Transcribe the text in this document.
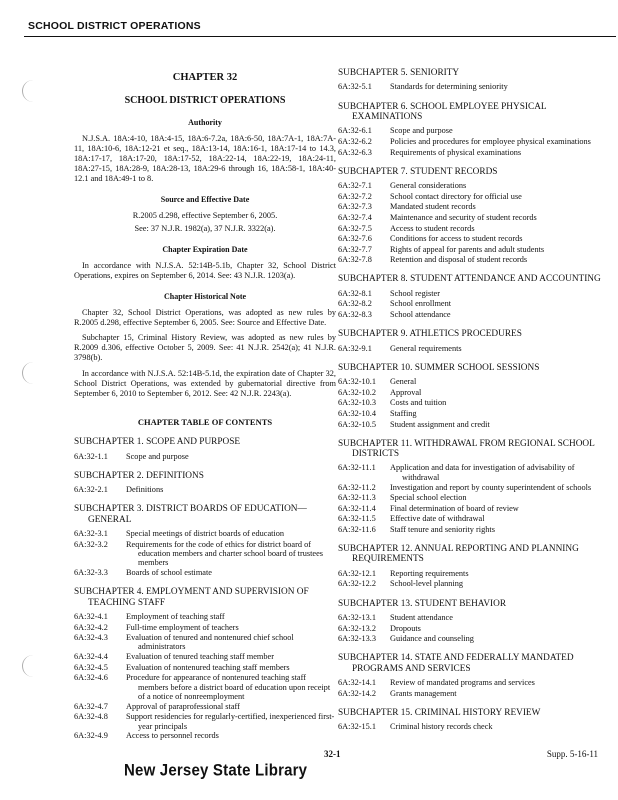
SCHOOL DISTRICT OPERATIONS
CHAPTER 32
SCHOOL DISTRICT OPERATIONS
Authority

N.J.S.A. 18A:4-10, 18A:4-15, 18A:6-7.2a, 18A:6-50, 18A:7A-1, 18A:7A-11, 18A:10-6, 18A:12-21 et seq., 18A:13-14, 18A:16-1, 18A:17-14 to 14.3, 18A:17-17, 18A:17-20, 18A:17-52, 18A:22-14, 18A:22-19, 18A:24-11, 18A:27-15, 18A:28-9, 18A:28-13, 18A:29-6 through 16, 18A:58-1, 18A:40-12.1 and 18A:49-1 to 8.

Source and Effective Date

R.2005 d.298, effective September 6, 2005.

See: 37 N.J.R. 1982(a), 37 N.J.R. 3322(a).

Chapter Expiration Date

In accordance with N.J.S.A. 52:14B-5.1b, Chapter 32, School District Operations, expires on September 6, 2014. See: 43 N.J.R. 1203(a).

Chapter Historical Note

Chapter 32, School District Operations, was adopted as new rules by R.2005 d.298, effective September 6, 2005. See: Source and Effective Date.

Subchapter 15, Criminal History Review, was adopted as new rules by R.2009 d.306, effective October 5, 2009. See: 41 N.J.R. 2542(a); 41 N.J.R. 3798(b).

In accordance with N.J.S.A. 52:14B-5.1d, the expiration date of Chapter 32, School District Operations, was extended by gubernatorial directive from September 6, 2010 to September 6, 2012. See: 42 N.J.R. 2243(a).

CHAPTER TABLE OF CONTENTS
SUBCHAPTER 1. SCOPE AND PURPOSE
6A:32-1.1	Scope and purpose
SUBCHAPTER 2. DEFINITIONS
6A:32-2.1	Definitions
SUBCHAPTER 3. DISTRICT BOARDS OF EDUCATION— GENERAL
6A:32-3.1	Special meetings of district boards of education
6A:32-3.2	Requirements for the code of ethics for district board of education members and charter school board of trustees members
6A:32-3.3	Boards of school estimate
SUBCHAPTER 4. EMPLOYMENT AND SUPERVISION OF TEACHING STAFF
6A:32-4.1	Employment of teaching staff
6A:32-4.2	Full-time employment of teachers
6A:32-4.3	Evaluation of tenured and nontenured chief school administrators
6A:32-4.4	Evaluation of tenured teaching staff member
6A:32-4.5	Evaluation of nontenured teaching staff members
6A:32-4.6	Procedure for appearance of nontenured teaching staff members before a district board of education upon receipt of a notice of nonreemployment
6A:32-4.7	Approval of paraprofessional staff
6A:32-4.8	Support residencies for regularly-certified, inexperienced first-year principals
6A:32-4.9	Access to personnel records
SUBCHAPTER 5. SENIORITY
6A:32-5.1	Standards for determining seniority
SUBCHAPTER 6. SCHOOL EMPLOYEE PHYSICAL EXAMINATIONS
6A:32-6.1	Scope and purpose
6A:32-6.2	Policies and procedures for employee physical examinations
6A:32-6.3	Requirements of physical examinations
SUBCHAPTER 7. STUDENT RECORDS
6A:32-7.1	General considerations
6A:32-7.2	School contact directory for official use
6A:32-7.3	Mandated student records
6A:32-7.4	Maintenance and security of student records
6A:32-7.5	Access to student records
6A:32-7.6	Conditions for access to student records
6A:32-7.7	Rights of appeal for parents and adult students
6A:32-7.8	Retention and disposal of student records
SUBCHAPTER 8. STUDENT ATTENDANCE AND ACCOUNTING
6A:32-8.1	School register
6A:32-8.2	School enrollment
6A:32-8.3	School attendance
SUBCHAPTER 9. ATHLETICS PROCEDURES
6A:32-9.1	General requirements
SUBCHAPTER 10. SUMMER SCHOOL SESSIONS
6A:32-10.1	General
6A:32-10.2	Approval
6A:32-10.3	Costs and tuition
6A:32-10.4	Staffing
6A:32-10.5	Student assignment and credit
SUBCHAPTER 11. WITHDRAWAL FROM REGIONAL SCHOOL DISTRICTS
6A:32-11.1	Application and data for investigation of advisability of withdrawal
6A:32-11.2	Investigation and report by county superintendent of schools
6A:32-11.3	Special school election
6A:32-11.4	Final determination of board of review
6A:32-11.5	Effective date of withdrawal
6A:32-11.6	Staff tenure and seniority rights
SUBCHAPTER 12. ANNUAL REPORTING AND PLANNING REQUIREMENTS
6A:32-12.1	Reporting requirements
6A:32-12.2	School-level planning
SUBCHAPTER 13. STUDENT BEHAVIOR
6A:32-13.1	Student attendance
6A:32-13.2	Dropouts
6A:32-13.3	Guidance and counseling
SUBCHAPTER 14. STATE AND FEDERALLY MANDATED PROGRAMS AND SERVICES
6A:32-14.1	Review of mandated programs and services
6A:32-14.2	Grants management
SUBCHAPTER 15. CRIMINAL HISTORY REVIEW
6A:32-15.1	Criminal history records check
32-1	Supp. 5-16-11
New Jersey State Library
